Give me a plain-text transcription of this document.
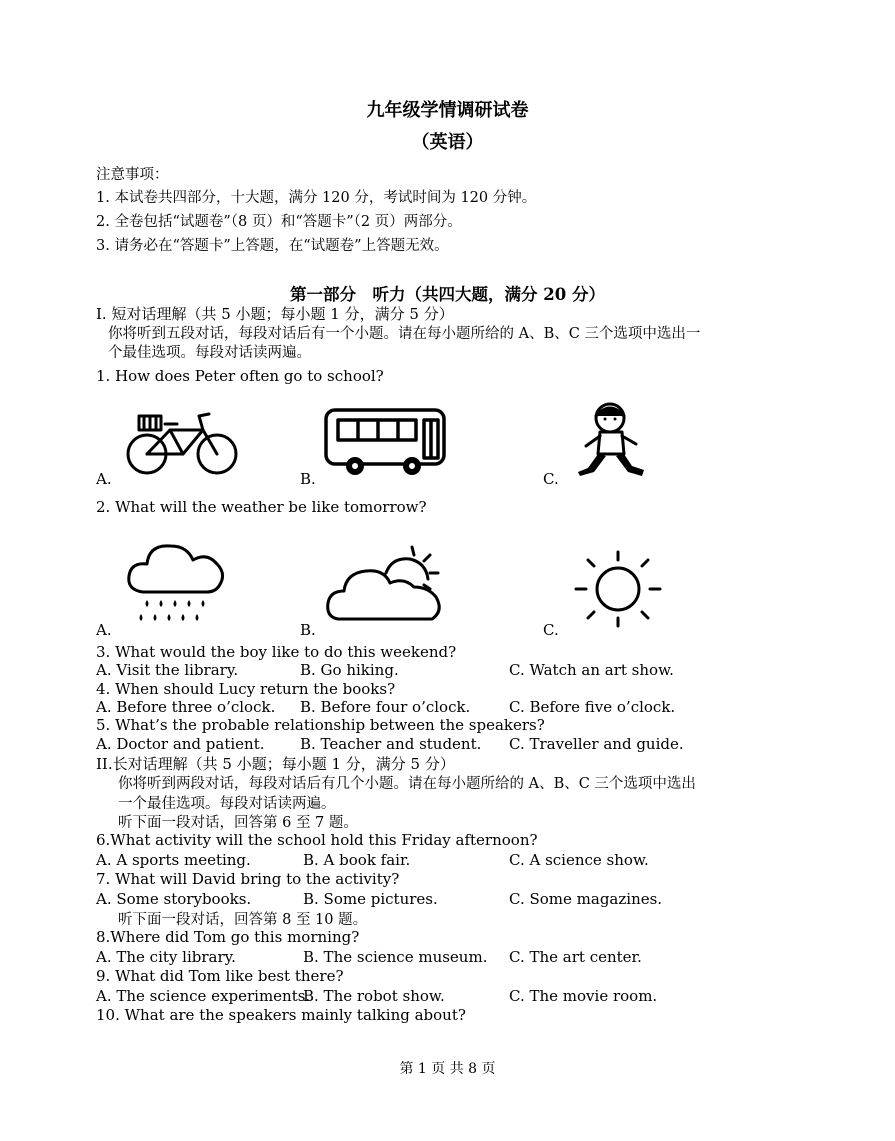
九年级学情调研试卷
（英语）
注意事项：
1. 本试卷共四部分，十大题，满分 120 分，考试时间为 120 分钟。
2. 全卷包括“试题卷”（8 页）和“答题卡”（2 页）两部分。
3. 请务必在“答题卡”上答题，在“试题卷”上答题无效。
第一部分　听力（共四大题，满分 20 分）
I. 短对话理解（共 5 小题；每小题 1 分，满分 5 分）
你将听到五段对话，每段对话后有一个小题。请在每小题所给的 A、B、C 三个选项中选出一
个最佳选项。每段对话读两遍。
1. How does Peter often go to school?
A.	B.	C.
2. What will the weather be like tomorrow?
A.	B.	C.
3. What would the boy like to do this weekend?
A. Visit the library.	B. Go hiking.	C. Watch an art show.
4. When should Lucy return the books?
A. Before three o’clock. B. Before four o’clock.	C. Before five o’clock.
5. What’s the probable relationship between the speakers?
A. Doctor and patient. B. Teacher and student. C. Traveller and guide.
II.长对话理解（共 5 小题；每小题 1 分，满分 5 分）
你将听到两段对话，每段对话后有几个小题。请在每小题所给的 A、B、C 三个选项中选出
一个最佳选项。每段对话读两遍。
听下面一段对话，回答第 6 至 7 题。
6.What activity will the school hold this Friday afternoon?
A. A sports meeting.	B. A book fair.	C. A science show.
7. What will David bring to the activity?
A. Some storybooks.	B. Some pictures.	C. Some magazines.
听下面一段对话，回答第 8 至 10 题。
8.Where did Tom go this morning?
A. The city library.	B. The science museum. C. The art center.
9. What did Tom like best there?
A. The science experiments.
B. The robot show.	C. The movie room.
10. What are the speakers mainly talking about?
第 1 页 共 8 页
